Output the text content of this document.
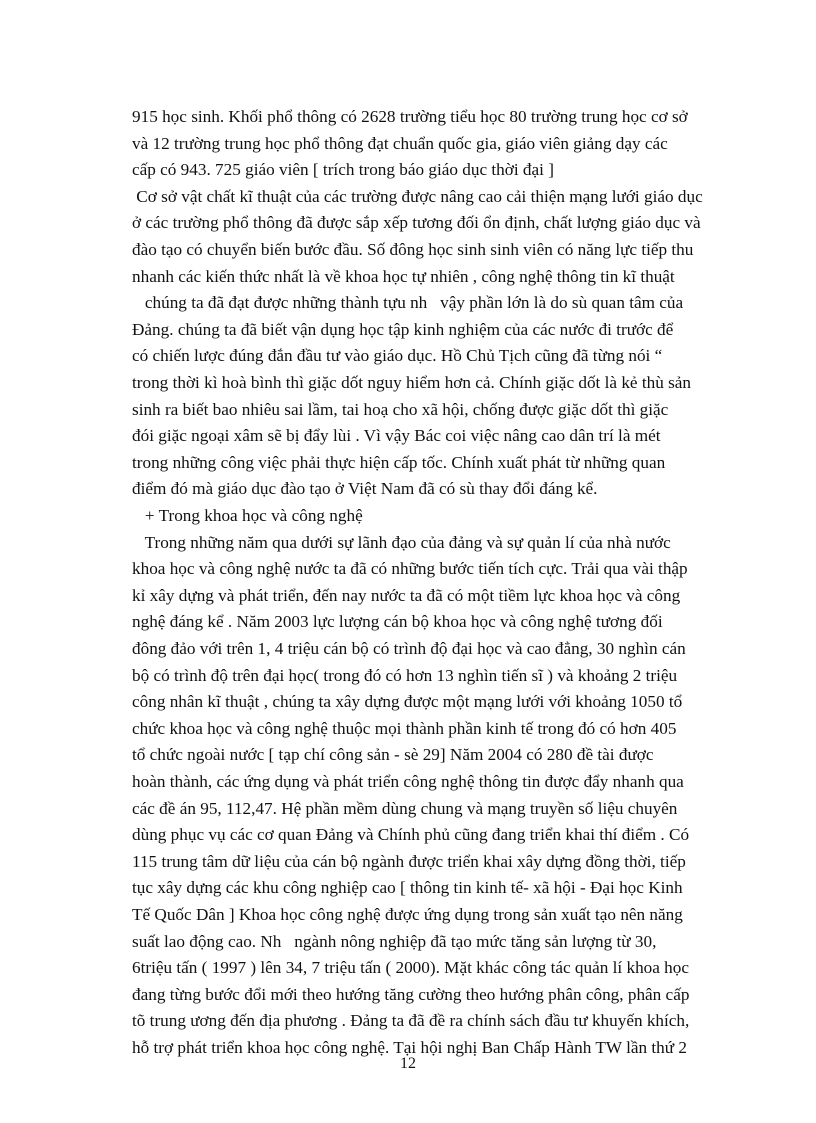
915 học sinh. Khối phổ thông có 2628 trường tiểu học 80 trường trung học cơ sở
và 12 trường trung học phổ thông đạt chuẩn quốc gia, giáo viên giảng dạy các
cấp có 943. 725 giáo viên [ trích trong báo giáo dục thời đại ]
Cơ sở vật chất kĩ thuật của các trường được nâng cao cải thiện mạng lưới giáo dục
ở các trường phổ thông đã được sắp xếp tương đối ổn định, chất lượng giáo dục và
đào tạo có chuyển biến bước đầu. Số đông học sinh sinh viên có năng lực tiếp thu
nhanh các kiến thức nhất là về khoa học tự nhiên , công nghệ thông tin kĩ thuật
chúng ta đã đạt được những thành tựu nh   vậy phần lớn là do sù quan tâm của
Đảng. chúng ta đã biết vận dụng học tập kinh nghiệm của các nước đi trước để
có chiến lược đúng đắn đầu tư vào giáo dục. Hồ Chủ Tịch cũng đã từng nói “
trong thời kì hoà bình thì giặc dốt nguy hiểm hơn cả. Chính giặc dốt là kẻ thù sản
sinh ra biết bao nhiêu sai lầm, tai hoạ cho xã hội, chống được giặc dốt thì giặc
đói giặc ngoại xâm sẽ bị đẩy lùi . Vì vậy Bác coi việc nâng cao dân trí là mét
trong những công việc phải thực hiện cấp tốc. Chính xuất phát từ những quan
điểm đó mà giáo dục đào tạo ở Việt Nam đã có sù thay đổi đáng kể.
+ Trong khoa học và công nghệ
Trong những năm qua dưới sự lãnh đạo của đảng và sự quản lí của nhà nước
khoa học và công nghệ nước ta đã có những bước tiến tích cực. Trải qua vài thập
kỉ xây dựng và phát triển, đến nay nước ta đã có một tiềm lực khoa học và công
nghệ đáng kể . Năm 2003 lực lượng cán bộ khoa học và công nghệ tương đối
đông đảo với trên 1, 4 triệu cán bộ có trình độ đại học và cao đẳng, 30 nghìn cán
bộ có trình độ trên đại học( trong đó có hơn 13 nghìn tiến sĩ ) và khoảng 2 triệu
công nhân kĩ thuật , chúng ta xây dựng được một mạng lưới với khoảng 1050 tổ
chức khoa học và công nghệ thuộc mọi thành phần kinh tế trong đó có hơn 405
tổ chức ngoài nước [ tạp chí công sản - sè 29] Năm 2004 có 280 đề tài được
hoàn thành, các ứng dụng và phát triển công nghệ thông tin được đẩy nhanh qua
các đề án 95, 112,47. Hệ phần mềm dùng chung và mạng truyền số liệu chuyên
dùng phục vụ các cơ quan Đảng và Chính phủ cũng đang triển khai thí điểm . Có
115 trung tâm dữ liệu của cán bộ ngành được triển khai xây dựng đồng thời, tiếp
tục xây dựng các khu công nghiệp cao [ thông tin kinh tế- xã hội - Đại học Kinh
Tế Quốc Dân ] Khoa học công nghệ được ứng dụng trong sản xuất tạo nên năng
suất lao động cao. Nh   ngành nông nghiệp đã tạo mức tăng sản lượng từ 30,
6triệu tấn ( 1997 ) lên 34, 7 triệu tấn ( 2000). Mặt khác công tác quản lí khoa học
đang từng bước đổi mới theo hướng tăng cường theo hướng phân công, phân cấp
tõ trung ương đến địa phương . Đảng ta đã đề ra chính sách đầu tư khuyến khích,
hỗ trợ phát triển khoa học công nghệ. Tại hội nghị Ban Chấp Hành TW lần thứ 2
12
